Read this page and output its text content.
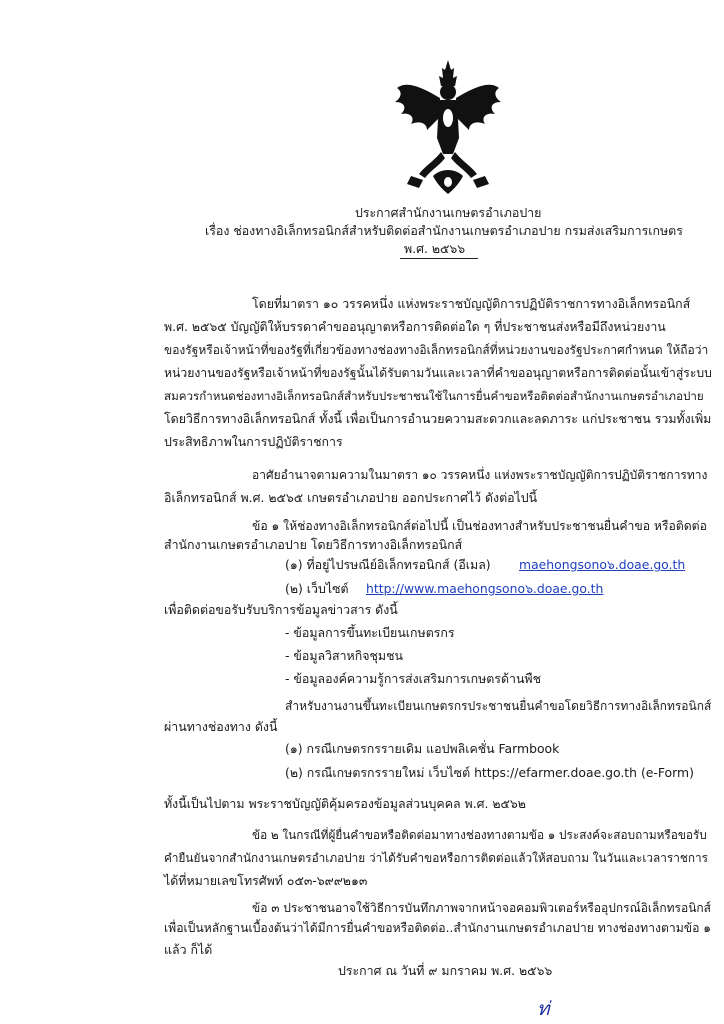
ประกาศสำนักงานเกษตรอำเภอปาย
เรื่อง ช่องทางอิเล็กทรอนิกส์สำหรับติดต่อสำนักงานเกษตรอำเภอปาย กรมส่งเสริมการเกษตร
พ.ศ. ๒๕๖๖
โดยที่มาตรา ๑๐ วรรคหนึ่ง แห่งพระราชบัญญัติการปฏิบัติราชการทางอิเล็กทรอนิกส์
พ.ศ. ๒๕๖๕ บัญญัติให้บรรดาคำขออนุญาตหรือการติดต่อใด ๆ ที่ประชาชนส่งหรือมีถึงหน่วยงาน
ของรัฐหรือเจ้าหน้าที่ของรัฐที่เกี่ยวข้องทางช่องทางอิเล็กทรอนิกส์ที่หน่วยงานของรัฐประกาศกำหนด ให้ถือว่า
หน่วยงานของรัฐหรือเจ้าหน้าที่ของรัฐนั้นได้รับตามวันและเวลาที่คำขออนุญาตหรือการติดต่อนั้นเข้าสู่ระบบ
สมควรกำหนดช่องทางอิเล็กทรอนิกส์สำหรับประชาชนใช้ในการยื่นคำขอหรือติดต่อสำนักงานเกษตรอำเภอปาย
โดยวิธีการทางอิเล็กทรอนิกส์ ทั้งนี้ เพื่อเป็นการอำนวยความสะดวกและลดภาระ แก่ประชาชน รวมทั้งเพิ่ม
ประสิทธิภาพในการปฏิบัติราชการ
อาศัยอำนาจตามความในมาตรา ๑๐ วรรคหนึ่ง แห่งพระราชบัญญัติการปฏิบัติราชการทาง
อิเล็กทรอนิกส์ พ.ศ. ๒๕๖๕ เกษตรอำเภอปาย ออกประกาศไว้ ดังต่อไปนี้
ข้อ ๑ ให้ช่องทางอิเล็กทรอนิกส์ต่อไปนี้ เป็นช่องทางสำหรับประชาชนยื่นคำขอ หรือติดต่อ
สำนักงานเกษตรอำเภอปาย โดยวิธีการทางอิเล็กทรอนิกส์
(๑) ที่อยู่ไปรษณีย์อิเล็กทรอนิกส์ (อีเมล) maehongsono๖.doae.go.th
(๒) เว็บไซต์ http://www.maehongsono๖.doae.go.th
เพื่อติดต่อขอรับรับบริการข้อมูลข่าวสาร ดังนี้
- ข้อมูลการขึ้นทะเบียนเกษตรกร
- ข้อมูลวิสาหกิจชุมชน
- ข้อมูลองค์ความรู้การส่งเสริมการเกษตรด้านพืช
สำหรับงานงานขึ้นทะเบียนเกษตรกรประชาชนยื่นคำขอโดยวิธีการทางอิเล็กทรอนิกส์
ผ่านทางช่องทาง ดังนี้
(๑) กรณีเกษตรกรรายเดิม แอปพลิเคชั่น Farmbook
(๒) กรณีเกษตรกรรายใหม่ เว็บไซต์ https://efarmer.doae.go.th (e-Form)
ทั้งนี้เป็นไปตาม พระราชบัญญัติคุ้มครองข้อมูลส่วนบุคคล พ.ศ. ๒๕๖๒
ข้อ ๒ ในกรณีที่ผู้ยื่นคำขอหรือติดต่อมาทางช่องทางตามข้อ ๑ ประสงค์จะสอบถามหรือขอรับ
คำยืนยันจากสำนักงานเกษตรอำเภอปาย ว่าได้รับคำขอหรือการติดต่อแล้วให้สอบถาม ในวันและเวลาราชการ
ได้ที่หมายเลขโทรศัพท์ ๐๕๓-๖๙๙๒๑๓
ข้อ ๓ ประชาชนอาจใช้วิธีการบันทึกภาพจากหน้าจอคอมพิวเตอร์หรืออุปกรณ์อิเล็กทรอนิกส์
เพื่อเป็นหลักฐานเบื้องต้นว่าได้มีการยื่นคำขอหรือติดต่อ..สำนักงานเกษตรอำเภอปาย ทางช่องทางตามข้อ ๑
แล้ว ก็ได้
ประกาศ ณ วันที่ ๙ มกราคม พ.ศ. ๒๕๖๖
ท่
